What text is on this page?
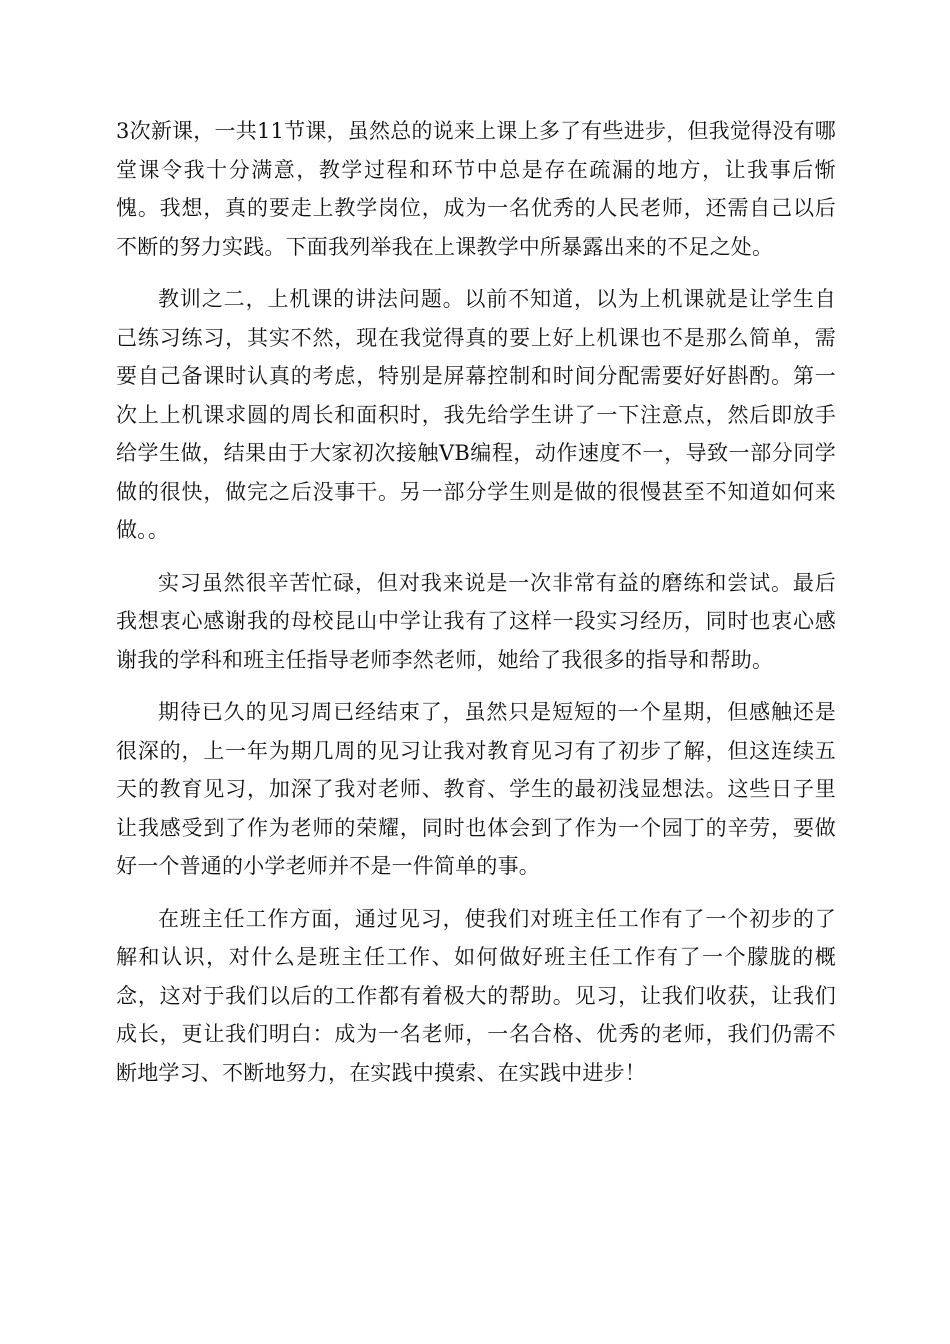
3次新课，一共11节课，虽然总的说来上课上多了有些进步，但我觉得没有哪堂课令我十分满意，教学过程和环节中总是存在疏漏的地方，让我事后惭愧。我想，真的要走上教学岗位，成为一名优秀的人民老师，还需自己以后不断的努力实践。下面我列举我在上课教学中所暴露出来的不足之处。

教训之二，上机课的讲法问题。以前不知道，以为上机课就是让学生自己练习练习，其实不然，现在我觉得真的要上好上机课也不是那么简单，需要自己备课时认真的考虑，特别是屏幕控制和时间分配需要好好斟酌。第一次上上机课求圆的周长和面积时，我先给学生讲了一下注意点，然后即放手给学生做，结果由于大家初次接触VB编程，动作速度不一，导致一部分同学做的很快，做完之后没事干。另一部分学生则是做的很慢甚至不知道如何来做。。

实习虽然很辛苦忙碌，但对我来说是一次非常有益的磨练和尝试。最后我想衷心感谢我的母校昆山中学让我有了这样一段实习经历，同时也衷心感谢我的学科和班主任指导老师李然老师，她给了我很多的指导和帮助。

期待已久的见习周已经结束了，虽然只是短短的一个星期，但感触还是很深的，上一年为期几周的见习让我对教育见习有了初步了解，但这连续五天的教育见习，加深了我对老师、教育、学生的最初浅显想法。这些日子里让我感受到了作为老师的荣耀，同时也体会到了作为一个园丁的辛劳，要做好一个普通的小学老师并不是一件简单的事。

在班主任工作方面，通过见习，使我们对班主任工作有了一个初步的了解和认识，对什么是班主任工作、如何做好班主任工作有了一个朦胧的概念，这对于我们以后的工作都有着极大的帮助。见习，让我们收获，让我们成长，更让我们明白：成为一名老师，一名合格、优秀的老师，我们仍需不断地学习、不断地努力，在实践中摸索、在实践中进步！
